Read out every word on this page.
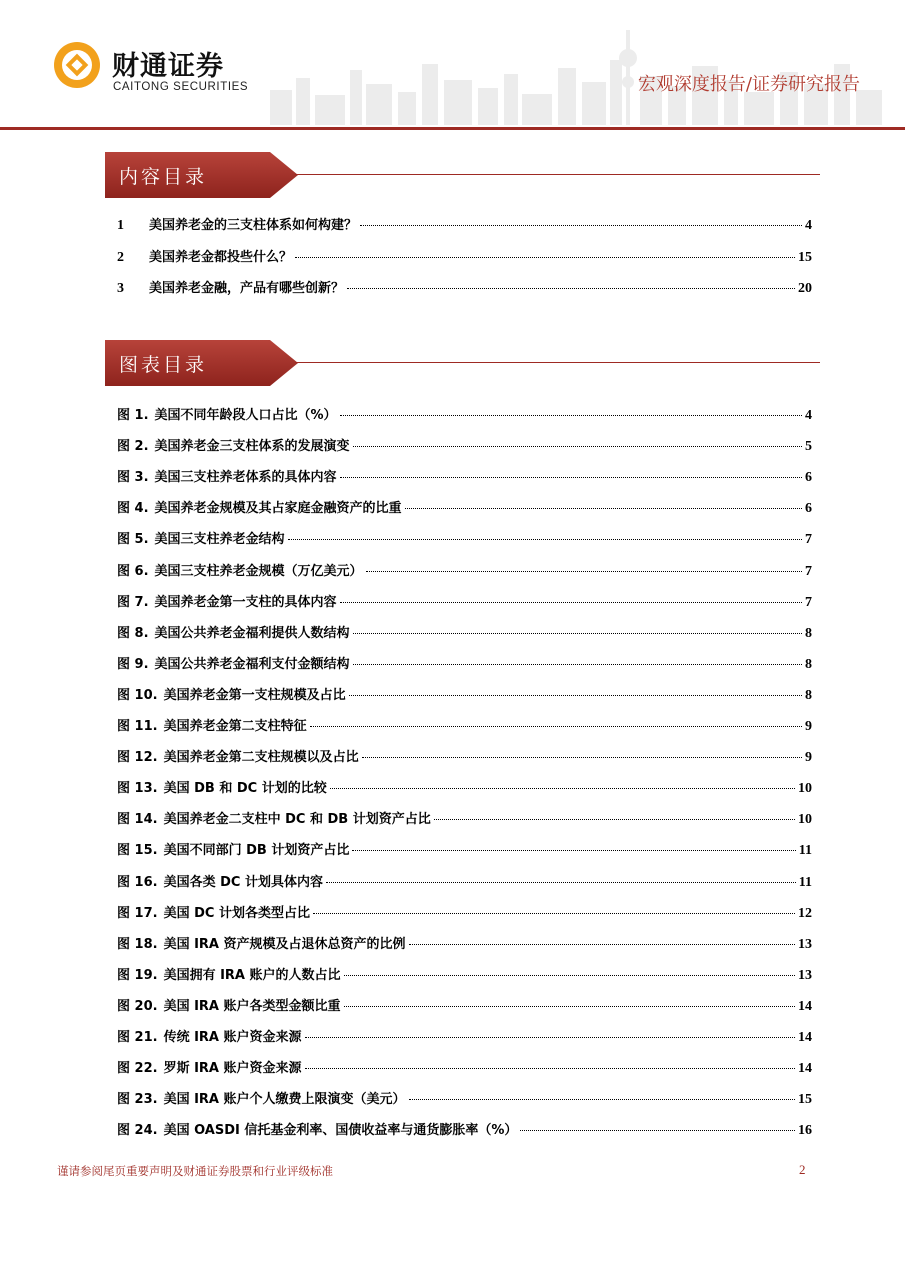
财通证券
CAITONG SECURITIES	宏观深度报告/证券研究报告
内容目录
1	美国养老金的三支柱体系如何构建？	4
2	美国养老金都投些什么？	15
3	美国养老金融，产品有哪些创新？	20
图表目录
图 1. 美国不同年龄段人口占比（%）	4
图 2. 美国养老金三支柱体系的发展演变	5
图 3. 美国三支柱养老体系的具体内容	6
图 4. 美国养老金规模及其占家庭金融资产的比重	6
图 5. 美国三支柱养老金结构	7
图 6. 美国三支柱养老金规模（万亿美元）	7
图 7. 美国养老金第一支柱的具体内容	7
图 8. 美国公共养老金福利提供人数结构	8
图 9. 美国公共养老金福利支付金额结构	8
图 10. 美国养老金第一支柱规模及占比	8
图 11. 美国养老金第二支柱特征	9
图 12. 美国养老金第二支柱规模以及占比	9
图 13. 美国 DB 和 DC 计划的比较	10
图 14. 美国养老金二支柱中 DC 和 DB 计划资产占比	10
图 15. 美国不同部门 DB 计划资产占比	11
图 16. 美国各类 DC 计划具体内容	11
图 17. 美国 DC 计划各类型占比	12
图 18. 美国 IRA 资产规模及占退休总资产的比例	13
图 19. 美国拥有 IRA 账户的人数占比	13
图 20. 美国 IRA 账户各类型金额比重	14
图 21. 传统 IRA 账户资金来源	14
图 22. 罗斯 IRA 账户资金来源	14
图 23. 美国 IRA 账户个人缴费上限演变（美元）	15
图 24. 美国 OASDI 信托基金利率、国债收益率与通货膨胀率（%）	16
谨请参阅尾页重要声明及财通证券股票和行业评级标准	2
